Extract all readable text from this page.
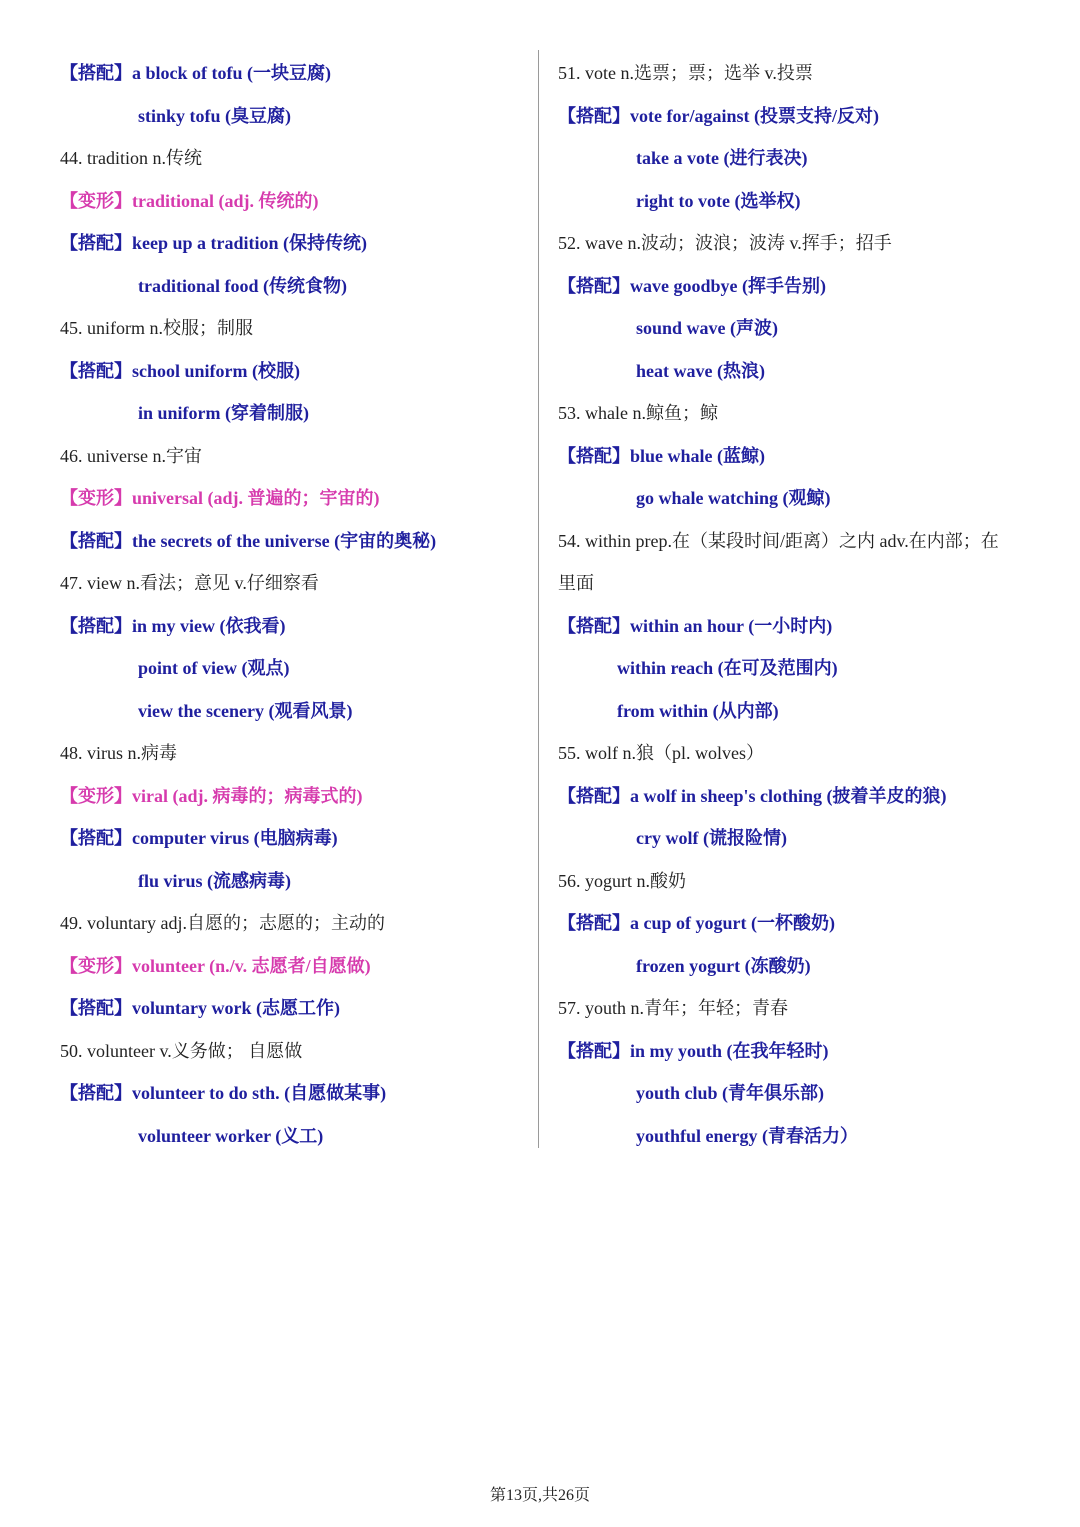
【搭配】a block of tofu (一块豆腐)
stinky tofu (臭豆腐)
44. tradition n.传统
【变形】traditional (adj. 传统的)
【搭配】keep up a tradition (保持传统)
traditional food (传统食物)
45. uniform n.校服；制服
【搭配】school uniform (校服)
in uniform (穿着制服)
46. universe n.宇宙
【变形】universal (adj. 普遍的；宇宙的)
【搭配】the secrets of the universe (宇宙的奥秘)
47. view n.看法；意见 v.仔细察看
【搭配】in my view (依我看)
point of view (观点)
view the scenery (观看风景)
48. virus n.病毒
【变形】viral (adj. 病毒的；病毒式的)
【搭配】computer virus (电脑病毒)
flu virus (流感病毒)
49. voluntary adj.自愿的；志愿的；主动的
【变形】volunteer (n./v. 志愿者/自愿做)
【搭配】voluntary work (志愿工作)
50. volunteer v.义务做； 自愿做
【搭配】volunteer to do sth. (自愿做某事)
volunteer worker (义工)
51. vote n.选票；票；选举 v.投票
【搭配】vote for/against (投票支持/反对)
take a vote (进行表决)
right to vote (选举权)
52. wave n.波动；波浪；波涛 v.挥手；招手
【搭配】wave goodbye (挥手告别)
sound wave (声波)
heat wave (热浪)
53. whale n.鲸鱼；鲸
【搭配】blue whale (蓝鲸)
go whale watching (观鲸)
54. within prep.在（某段时间/距离）之内 adv.在内部；在
里面
【搭配】within an hour (一小时内)
within reach (在可及范围内)
from within (从内部)
55. wolf n.狼（pl. wolves）
【搭配】a wolf in sheep's clothing (披着羊皮的狼)
cry wolf (谎报险情)
56. yogurt n.酸奶
【搭配】a cup of yogurt (一杯酸奶)
frozen yogurt (冻酸奶)
57. youth n.青年；年轻；青春
【搭配】in my youth (在我年轻时)
youth club (青年俱乐部)
youthful energy (青春活力）
第13页,共26页
